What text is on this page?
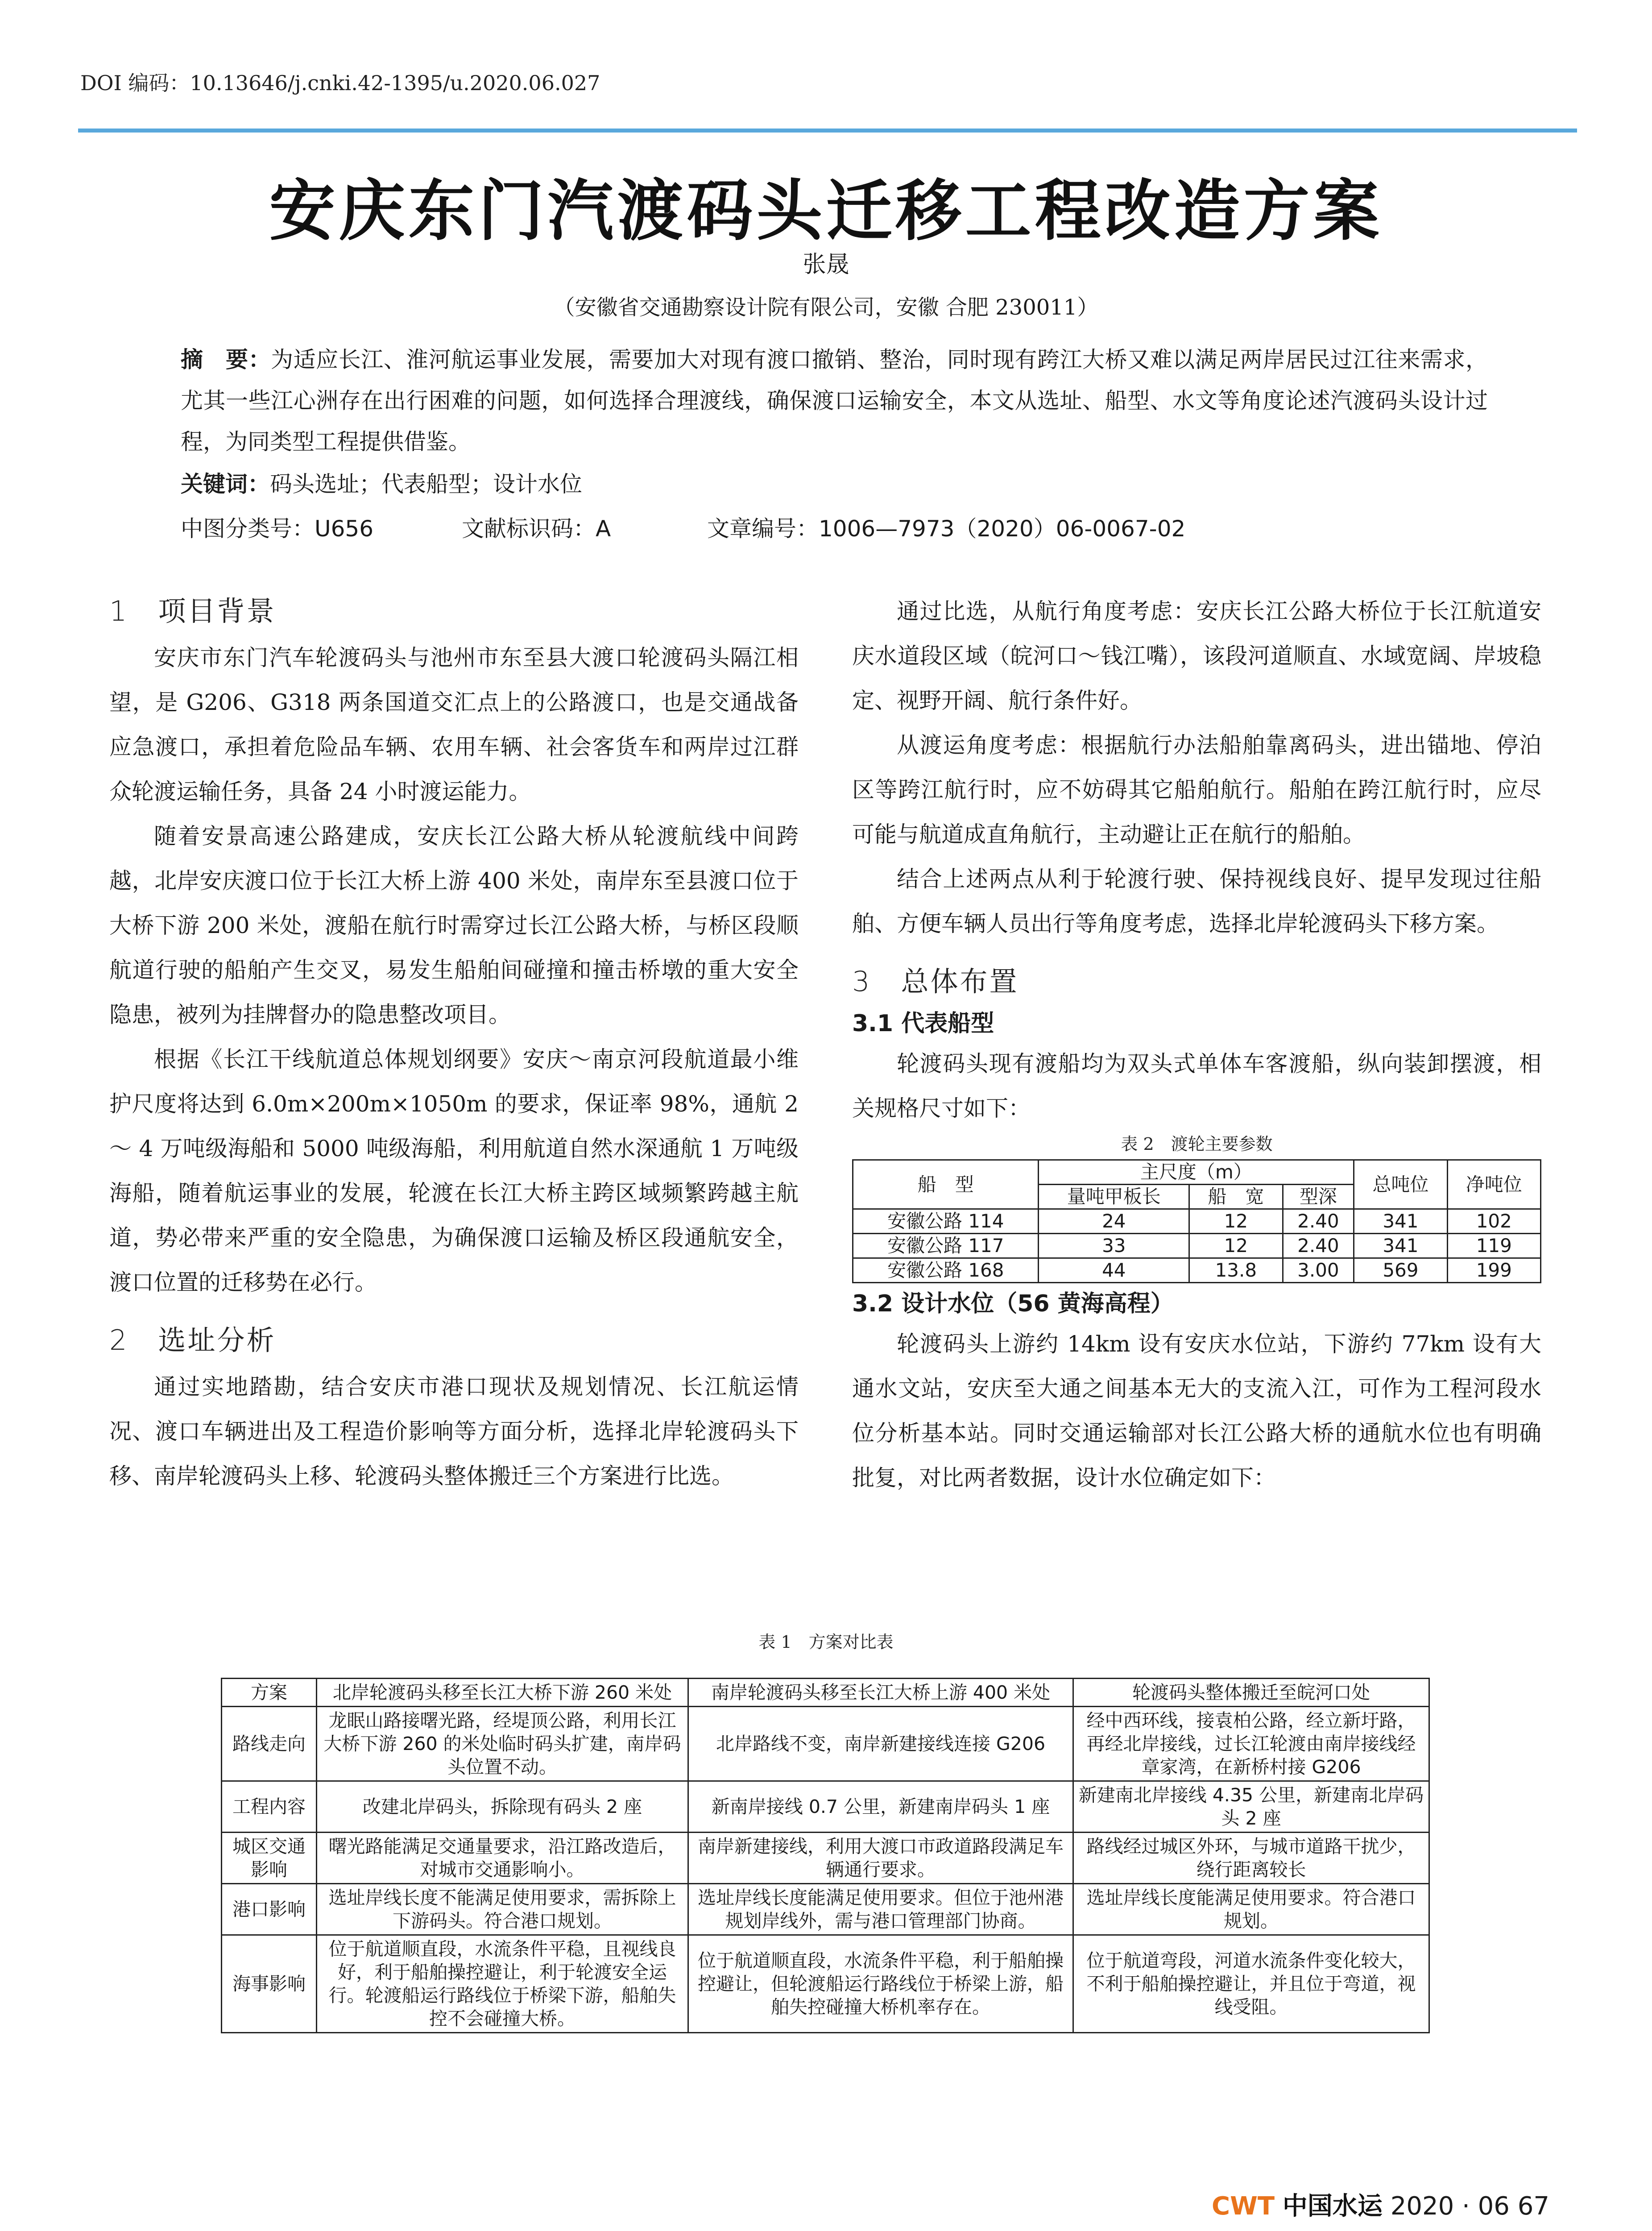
DOI 编码：10.13646/j.cnki.42-1395/u.2020.06.027
安庆东门汽渡码头迁移工程改造方案
张晟
（安徽省交通勘察设计院有限公司，安徽 合肥 230011）
摘　要：为适应长江、淮河航运事业发展，需要加大对现有渡口撤销、整治，同时现有跨江大桥又难以满足两岸居民过江往来需求，尤其一些江心洲存在出行困难的问题，如何选择合理渡线，确保渡口运输安全，本文从选址、船型、水文等角度论述汽渡码头设计过程，为同类型工程提供借鉴。
关键词：码头选址；代表船型；设计水位
中图分类号：U656	文献标识码：A	文章编号：1006—7973（2020）06-0067-02
1　项目背景

安庆市东门汽车轮渡码头与池州市东至县大渡口轮渡码头隔江相望，是 G206、G318 两条国道交汇点上的公路渡口，也是交通战备应急渡口，承担着危险品车辆、农用车辆、社会客货车和两岸过江群众轮渡运输任务，具备 24 小时渡运能力。

随着安景高速公路建成，安庆长江公路大桥从轮渡航线中间跨越，北岸安庆渡口位于长江大桥上游 400 米处，南岸东至县渡口位于大桥下游 200 米处，渡船在航行时需穿过长江公路大桥，与桥区段顺航道行驶的船舶产生交叉，易发生船舶间碰撞和撞击桥墩的重大安全隐患，被列为挂牌督办的隐患整改项目。

根据《长江干线航道总体规划纲要》安庆～南京河段航道最小维护尺度将达到 6.0m×200m×1050m 的要求，保证率 98%，通航 2 ～ 4 万吨级海船和 5000 吨级海船，利用航道自然水深通航 1 万吨级海船，随着航运事业的发展，轮渡在长江大桥主跨区域频繁跨越主航道，势必带来严重的安全隐患，为确保渡口运输及桥区段通航安全，渡口位置的迁移势在必行。

2　选址分析

通过实地踏勘，结合安庆市港口现状及规划情况、长江航运情况、渡口车辆进出及工程造价影响等方面分析，选择北岸轮渡码头下移、南岸轮渡码头上移、轮渡码头整体搬迁三个方案进行比选。

通过比选，从航行角度考虑：安庆长江公路大桥位于长江航道安庆水道段区域（皖河口～钱江嘴），该段河道顺直、水域宽阔、岸坡稳定、视野开阔、航行条件好。

从渡运角度考虑：根据航行办法船舶靠离码头，进出锚地、停泊区等跨江航行时，应不妨碍其它船舶航行。船舶在跨江航行时，应尽可能与航道成直角航行，主动避让正在航行的船舶。

结合上述两点从利于轮渡行驶、保持视线良好、提早发现过往船舶、方便车辆人员出行等角度考虑，选择北岸轮渡码头下移方案。

3　总体布置
3.1 代表船型

轮渡码头现有渡船均为双头式单体车客渡船，纵向装卸摆渡，相关规格尺寸如下：

表 2　渡轮主要参数
船　型	主尺度（m）			总吨位	净吨位
	量吨甲板长	船　宽	型深		
安徽公路 114	24	12	2.40	341	102
安徽公路 117	33	12	2.40	341	119
安徽公路 168	44	13.8	3.00	569	199
3.2 设计水位（56 黄海高程）

轮渡码头上游约 14km 设有安庆水位站，下游约 77km 设有大通水文站，安庆至大通之间基本无大的支流入江，可作为工程河段水位分析基本站。同时交通运输部对长江公路大桥的通航水位也有明确批复，对比两者数据，设计水位确定如下：

表 1　方案对比表
方案	北岸轮渡码头移至长江大桥下游 260 米处	南岸轮渡码头移至长江大桥上游 400 米处	轮渡码头整体搬迁至皖河口处
路线走向	龙眠山路接曙光路，经堤顶公路，利用长江大桥下游 260 的米处临时码头扩建，南岸码头位置不动。	北岸路线不变，南岸新建接线连接 G206	经中西环线，接袁柏公路，经立新圩路，再经北岸接线，过长江轮渡由南岸接线经章家湾，在新桥村接 G206
工程内容	改建北岸码头，拆除现有码头 2 座	新南岸接线 0.7 公里，新建南岸码头 1 座	新建南北岸接线 4.35 公里，新建南北岸码头 2 座
城区交通影响	曙光路能满足交通量要求，沿江路改造后，对城市交通影响小。	南岸新建接线，利用大渡口市政道路段满足车辆通行要求。	路线经过城区外环，与城市道路干扰少，绕行距离较长
港口影响	选址岸线长度不能满足使用要求，需拆除上下游码头。符合港口规划。	选址岸线长度能满足使用要求。但位于池州港规划岸线外，需与港口管理部门协商。	选址岸线长度能满足使用要求。符合港口规划。
海事影响	位于航道顺直段，水流条件平稳，且视线良好，利于船舶操控避让，利于轮渡安全运行。轮渡船运行路线位于桥梁下游，船舶失控不会碰撞大桥。	位于航道顺直段，水流条件平稳，利于船舶操控避让，但轮渡船运行路线位于桥梁上游，船舶失控碰撞大桥机率存在。	位于航道弯段，河道水流条件变化较大，不利于船舶操控避让，并且位于弯道，视线受阻。
CWT 中国水运 2020 · 06 67
